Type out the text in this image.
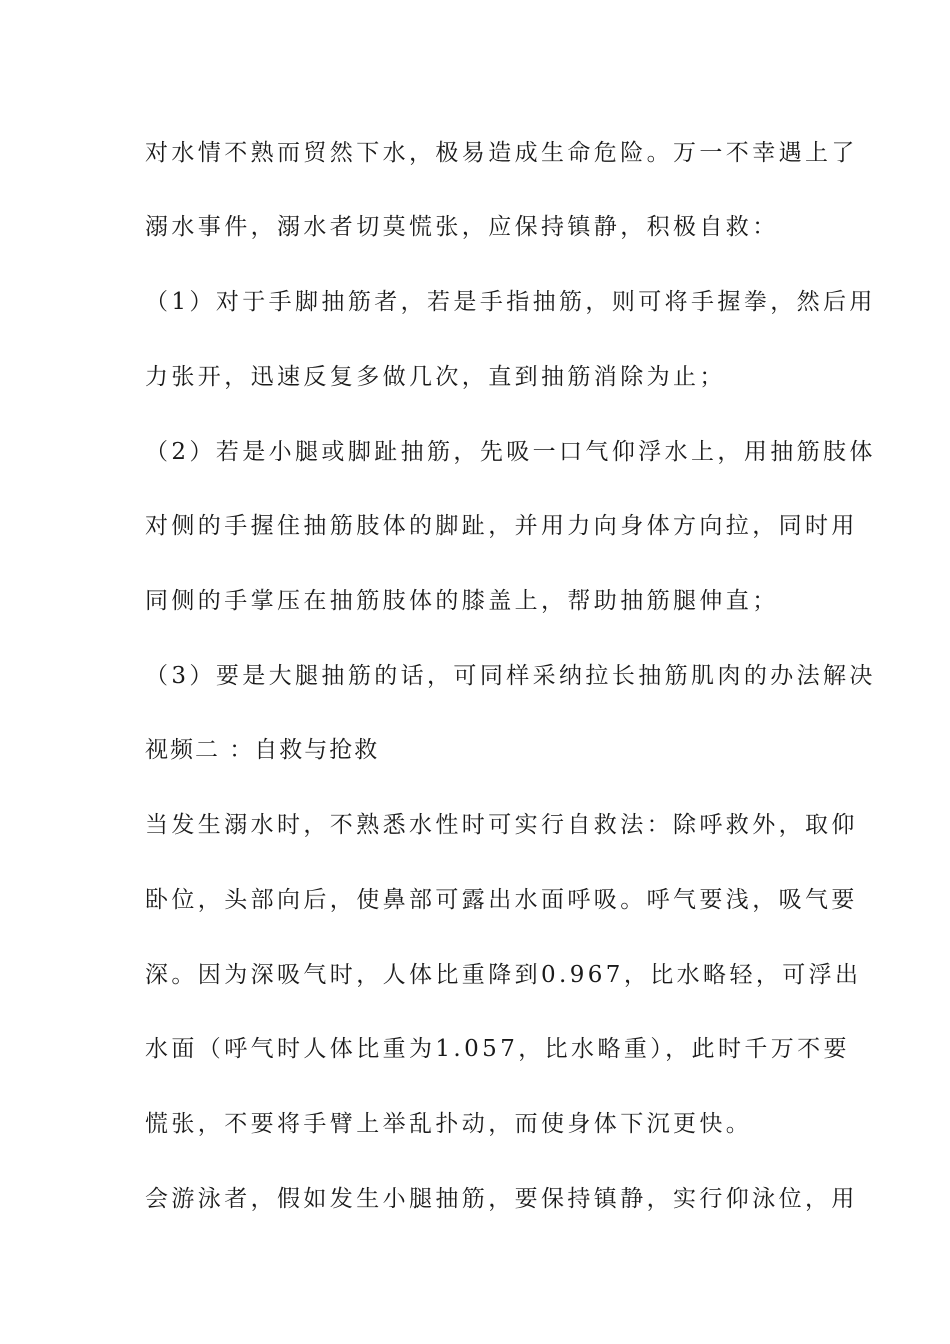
对水情不熟而贸然下水，极易造成生命危险。万一不幸遇上了
溺水事件，溺水者切莫慌张，应保持镇静，积极自救：
（1）对于手脚抽筋者，若是手指抽筋，则可将手握拳，然后用
力张开，迅速反复多做几次，直到抽筋消除为止；
（2）若是小腿或脚趾抽筋，先吸一口气仰浮水上，用抽筋肢体
对侧的手握住抽筋肢体的脚趾，并用力向身体方向拉，同时用
同侧的手掌压在抽筋肢体的膝盖上，帮助抽筋腿伸直；
（3）要是大腿抽筋的话，可同样采纳拉长抽筋肌肉的办法解决
视频二 ：自救与抢救
当发生溺水时，不熟悉水性时可实行自救法：除呼救外，取仰
卧位，头部向后，使鼻部可露出水面呼吸。呼气要浅，吸气要
深。因为深吸气时，人体比重降到0.967，比水略轻，可浮出
水面（呼气时人体比重为1.057，比水略重），此时千万不要
慌张，不要将手臂上举乱扑动，而使身体下沉更快。
会游泳者，假如发生小腿抽筋，要保持镇静，实行仰泳位，用
